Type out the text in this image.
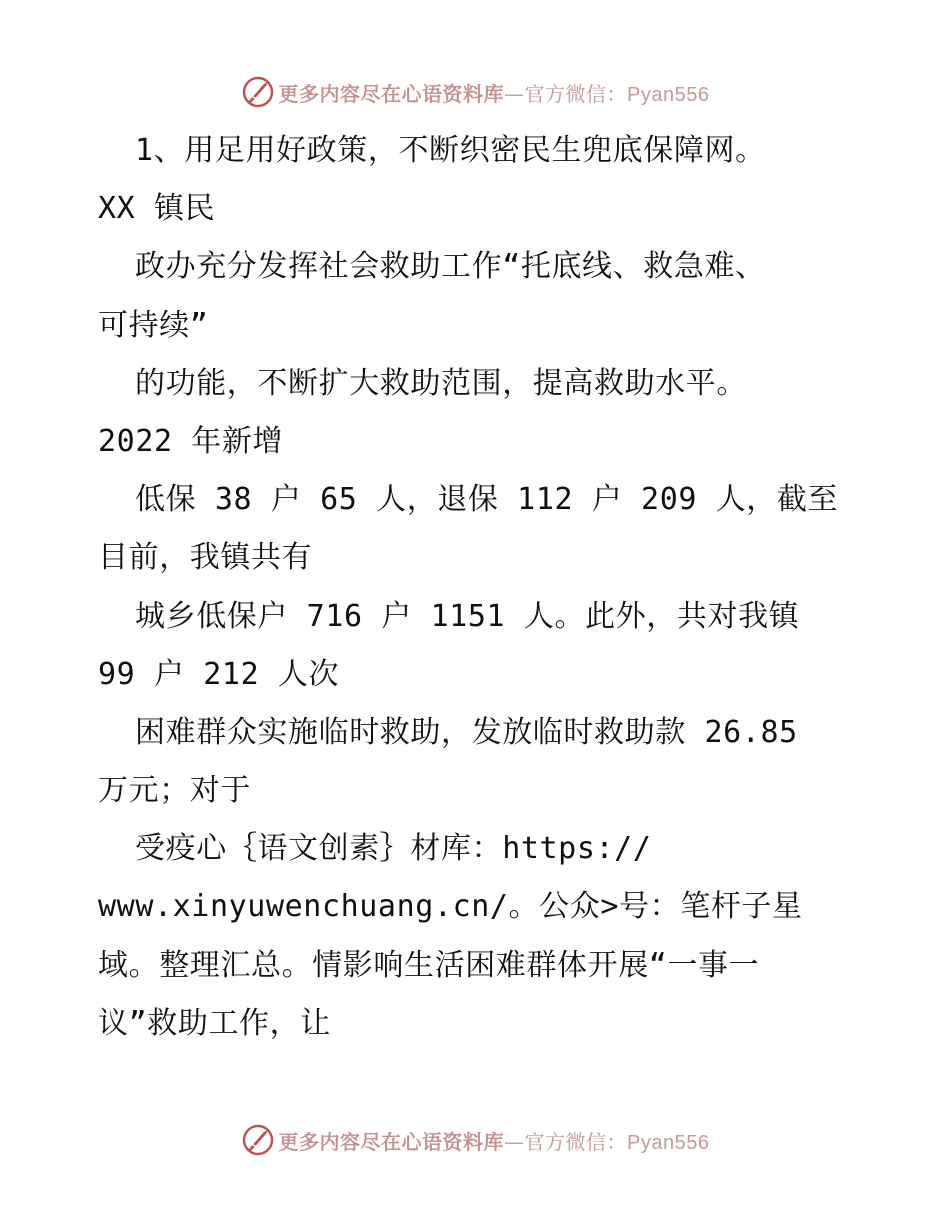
更多内容尽在心语资料库—官方微信：Pyan556
1、用足用好政策，不断织密民生兜底保障网。
XX 镇民
政办充分发挥社会救助工作“托底线、救急难、
可持续”
的功能，不断扩大救助范围，提高救助水平。
2022 年新增
低保 38 户 65 人，退保 112 户 209 人，截至
目前，我镇共有
城乡低保户 716 户 1151 人。此外，共对我镇
99 户 212 人次
困难群众实施临时救助，发放临时救助款 26.85
万元；对于
受疫心｛语文创素｝材库：https://
www.xinyuwenchuang.cn/。公众>号：笔杆子星
域。整理汇总。情影响生活困难群体开展“一事一
议”救助工作，让
更多内容尽在心语资料库—官方微信：Pyan556
